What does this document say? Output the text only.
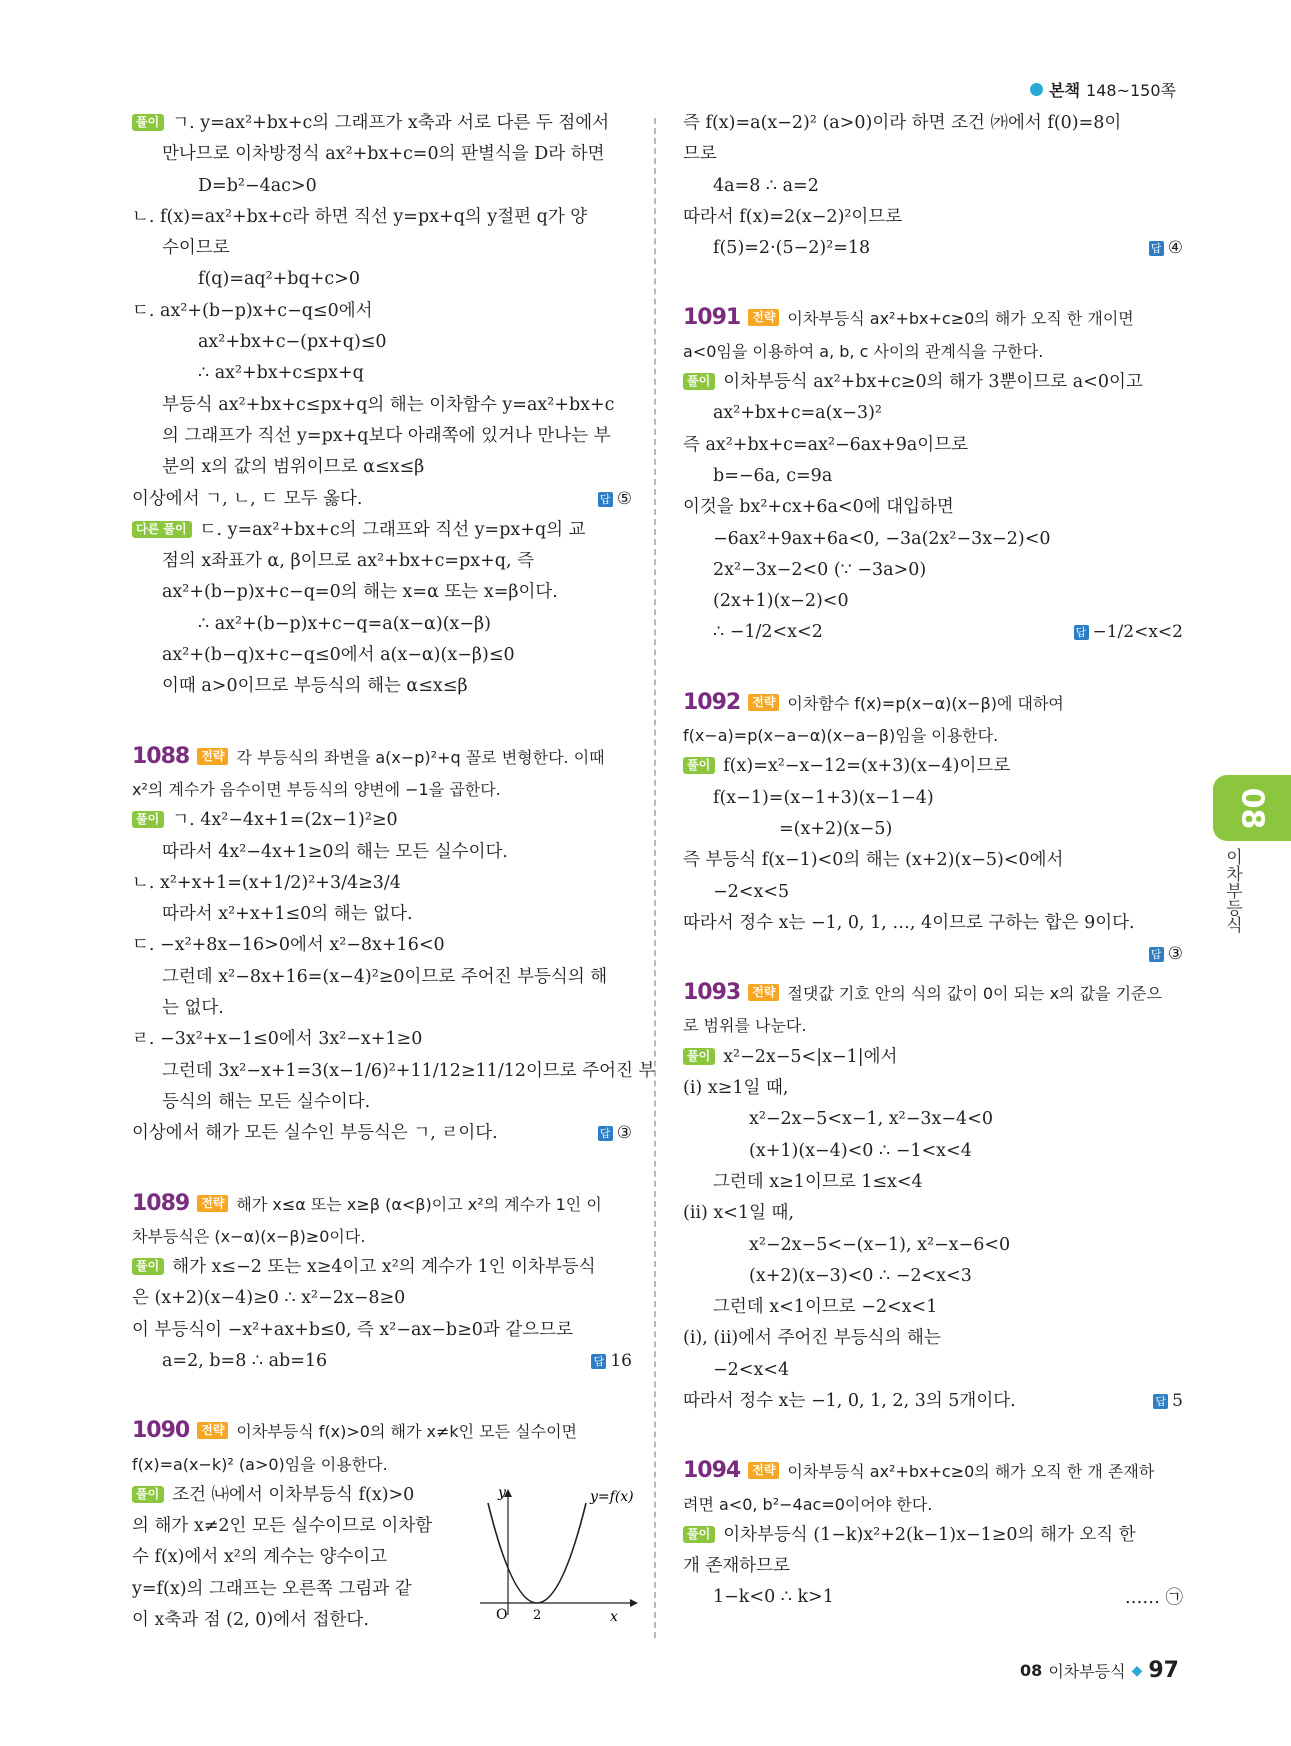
본책 148~150쪽
풀이 ㄱ. y=ax²+bx+c의 그래프가 x축과 서로 다른 두 점에서
만나므로 이차방정식 ax²+bx+c=0의 판별식을 D라 하면
D=b²−4ac>0
ㄴ. f(x)=ax²+bx+c라 하면 직선 y=px+q의 y절편 q가 양
수이므로
f(q)=aq²+bq+c>0
ㄷ. ax²+(b−p)x+c−q≤0에서
ax²+bx+c−(px+q)≤0
∴ ax²+bx+c≤px+q
부등식 ax²+bx+c≤px+q의 해는 이차함수 y=ax²+bx+c
의 그래프가 직선 y=px+q보다 아래쪽에 있거나 만나는 부
분의 x의 값의 범위이므로 α≤x≤β
이상에서 ㄱ, ㄴ, ㄷ 모두 옳다.	답 ⑤
다른 풀이 ㄷ. y=ax²+bx+c의 그래프와 직선 y=px+q의 교
점의 x좌표가 α, β이므로 ax²+bx+c=px+q, 즉
ax²+(b−p)x+c−q=0의 해는 x=α 또는 x=β이다.
∴ ax²+(b−p)x+c−q=a(x−α)(x−β)
ax²+(b−q)x+c−q≤0에서 a(x−α)(x−β)≤0
이때 a>0이므로 부등식의 해는 α≤x≤β
1088 전략 각 부등식의 좌변을 a(x−p)²+q 꼴로 변형한다. 이때
x²의 계수가 음수이면 부등식의 양변에 −1을 곱한다.
풀이 ㄱ. 4x²−4x+1=(2x−1)²≥0
따라서 4x²−4x+1≥0의 해는 모든 실수이다.
ㄴ. x²+x+1=(x+1/2)²+3/4≥3/4
따라서 x²+x+1≤0의 해는 없다.
ㄷ. −x²+8x−16>0에서 x²−8x+16<0
그런데 x²−8x+16=(x−4)²≥0이므로 주어진 부등식의 해
는 없다.
ㄹ. −3x²+x−1≤0에서 3x²−x+1≥0
그런데 3x²−x+1=3(x−1/6)²+11/12≥11/12이므로 주어진 부
등식의 해는 모든 실수이다.
이상에서 해가 모든 실수인 부등식은 ㄱ, ㄹ이다.	답 ③
1089 전략 해가 x≤α 또는 x≥β (α<β)이고 x²의 계수가 1인 이
차부등식은 (x−α)(x−β)≥0이다.
풀이 해가 x≤−2 또는 x≥4이고 x²의 계수가 1인 이차부등식
은 (x+2)(x−4)≥0 ∴ x²−2x−8≥0
이 부등식이 −x²+ax+b≤0, 즉 x²−ax−b≥0과 같으므로
a=2, b=8 ∴ ab=16	답 16
1090 전략 이차부등식 f(x)>0의 해가 x≠k인 모든 실수이면
f(x)=a(x−k)² (a>0)임을 이용한다.
풀이 조건 ㈏에서 이차부등식 f(x)>0
의 해가 x≠2인 모든 실수이므로 이차함
수 f(x)에서 x²의 계수는 양수이고
y=f(x)의 그래프는 오른쪽 그림과 같
이 x축과 점 (2, 0)에서 접한다.
즉 f(x)=a(x−2)² (a>0)이라 하면 조건 ㈎에서 f(0)=8이
므로
4a=8 ∴ a=2
따라서 f(x)=2(x−2)²이므로
f(5)=2·(5−2)²=18	답 ④
1091 전략 이차부등식 ax²+bx+c≥0의 해가 오직 한 개이면
a<0임을 이용하여 a, b, c 사이의 관계식을 구한다.
풀이 이차부등식 ax²+bx+c≥0의 해가 3뿐이므로 a<0이고
ax²+bx+c=a(x−3)²
즉 ax²+bx+c=ax²−6ax+9a이므로
b=−6a, c=9a
이것을 bx²+cx+6a<0에 대입하면
−6ax²+9ax+6a<0, −3a(2x²−3x−2)<0
2x²−3x−2<0 (∵ −3a>0)
(2x+1)(x−2)<0
∴ −1/2<x<2	답 −1/2<x<2
1092 전략 이차함수 f(x)=p(x−α)(x−β)에 대하여
f(x−a)=p(x−a−α)(x−a−β)임을 이용한다.
풀이 f(x)=x²−x−12=(x+3)(x−4)이므로
f(x−1)=(x−1+3)(x−1−4)
=(x+2)(x−5)
즉 부등식 f(x−1)<0의 해는 (x+2)(x−5)<0에서
−2<x<5
따라서 정수 x는 −1, 0, 1, …, 4이므로 구하는 합은 9이다.
답 ③
1093 전략 절댓값 기호 안의 식의 값이 0이 되는 x의 값을 기준으
로 범위를 나눈다.
풀이 x²−2x−5<|x−1|에서
(ⅰ) x≥1일 때,
x²−2x−5<x−1, x²−3x−4<0
(x+1)(x−4)<0 ∴ −1<x<4
그런데 x≥1이므로 1≤x<4
(ⅱ) x<1일 때,
x²−2x−5<−(x−1), x²−x−6<0
(x+2)(x−3)<0 ∴ −2<x<3
그런데 x<1이므로 −2<x<1
(ⅰ), (ⅱ)에서 주어진 부등식의 해는
−2<x<4
따라서 정수 x는 −1, 0, 1, 2, 3의 5개이다.	답 5
1094 전략 이차부등식 ax²+bx+c≥0의 해가 오직 한 개 존재하
려면 a<0, b²−4ac=0이어야 한다.
풀이 이차부등식 (1−k)x²+2(k−1)x−1≥0의 해가 오직 한
개 존재하므로
1−k<0 ∴ k>1	…… ㉠
y=f(x)
y
x
O 2
08
이차부등식
08 이차부등식 ◆ 97
